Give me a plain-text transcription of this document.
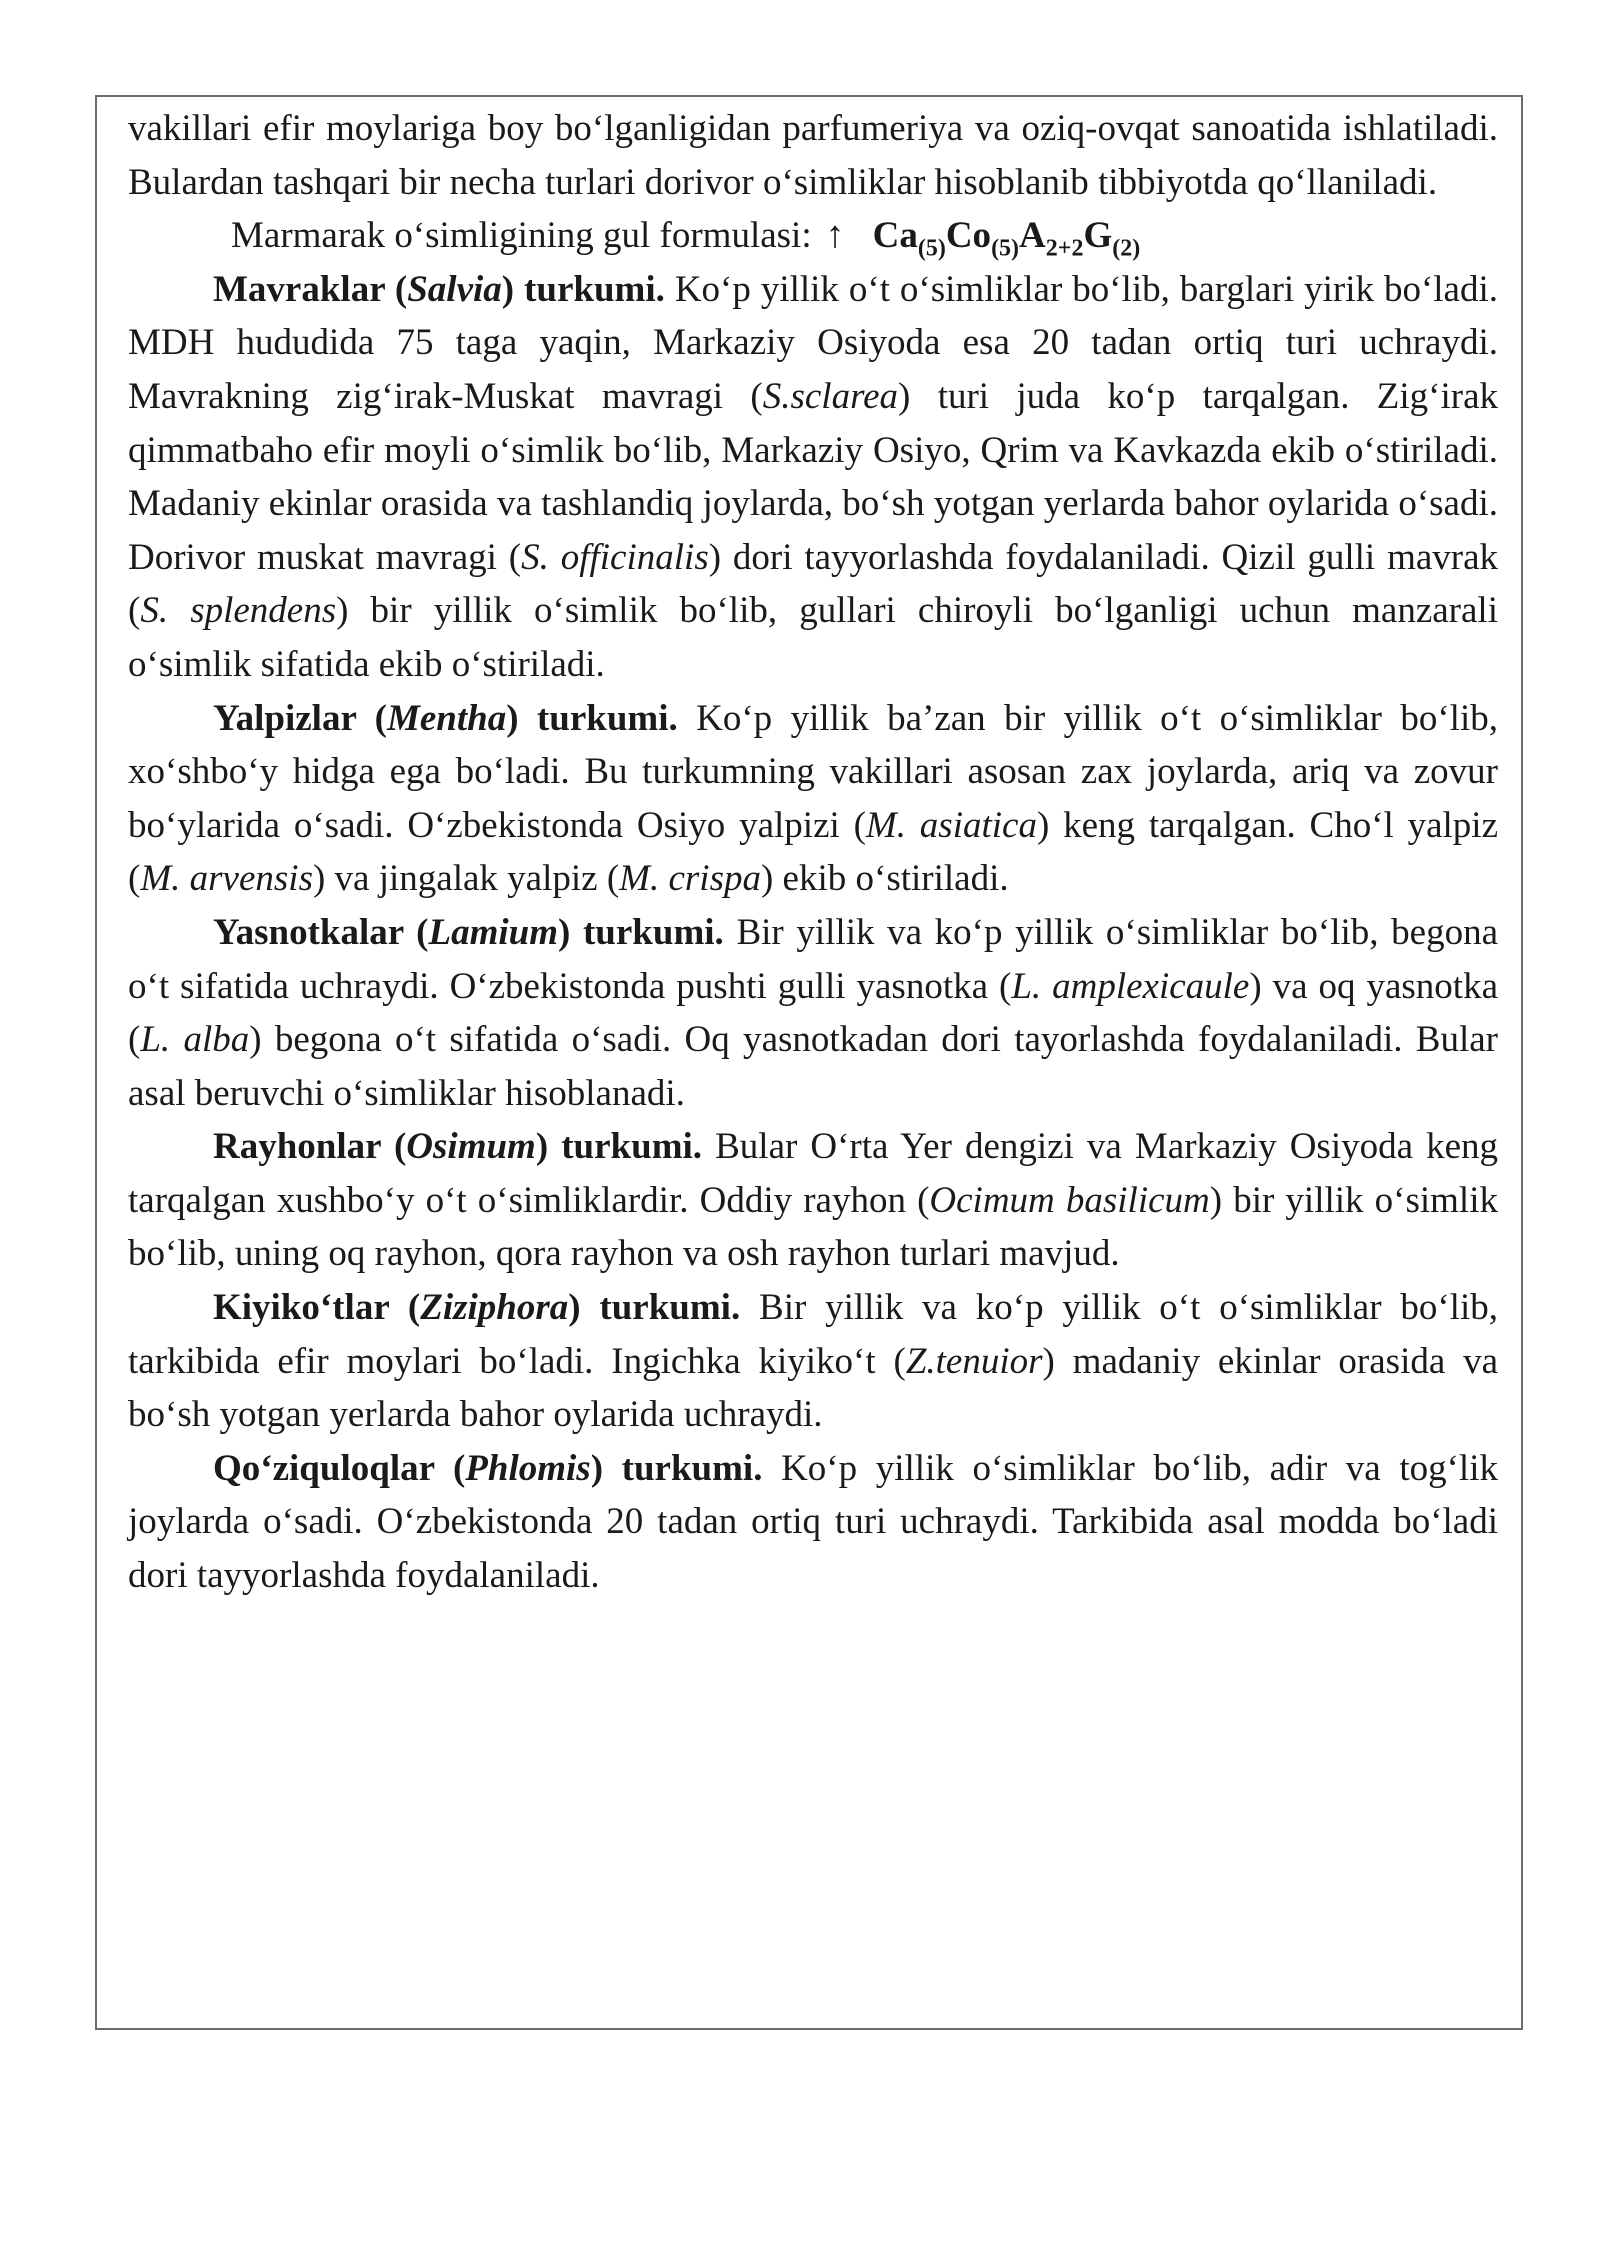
vakillari efir moylariga boy bo‘lganligidan parfumeriya va oziq-ovqat sanoatida ishlatiladi. Bulardan tashqari bir necha turlari dorivor o‘simliklar hisoblanib tibbiyotda qo‘llaniladi.

Marmarak o‘simligining gul formulasi: ↑ $Ca_{(5)}Co_{(5)}A_{2+2}G_{(2)}$

Mavraklar (Salvia) turkumi. Ko‘p yillik o‘t o‘simliklar bo‘lib, barglari yirik bo‘ladi. MDH hududida 75 taga yaqin, Markaziy Osiyoda esa 20 tadan ortiq turi uchraydi. Mavrakning zig‘irak-Muskat mavragi (S.sclarea) turi juda ko‘p tarqalgan. Zig‘irak qimmatbaho efir moyli o‘simlik bo‘lib, Markaziy Osiyo, Qrim va Kavkazda ekib o‘stiriladi. Madaniy ekinlar orasida va tashlandiq joylarda, bo‘sh yotgan yerlarda bahor oylarida o‘sadi. Dorivor muskat mavragi (S. officinalis) dori tayyorlashda foydalaniladi. Qizil gulli mavrak (S. splendens) bir yillik o‘simlik bo‘lib, gullari chiroyli bo‘lganligi uchun manzarali o‘simlik sifatida ekib o‘stiriladi.

Yalpizlar (Mentha) turkumi. Ko‘p yillik ba’zan bir yillik o‘t o‘simliklar bo‘lib, xo‘shbo‘y hidga ega bo‘ladi. Bu turkumning vakillari asosan zax joylarda, ariq va zovur bo‘ylarida o‘sadi. O‘zbekistonda Osiyo yalpizi (M. asiatica) keng tarqalgan. Cho‘l yalpiz (M. arvensis) va jingalak yalpiz (M. crispa) ekib o‘stiriladi.

Yasnotkalar (Lamium) turkumi. Bir yillik va ko‘p yillik o‘simliklar bo‘lib, begona o‘t sifatida uchraydi. O‘zbekistonda pushti gulli yasnotka (L. amplexicaule) va oq yasnotka (L. alba) begona o‘t sifatida o‘sadi. Oq yasnotkadan dori tayorlashda foydalaniladi. Bular asal beruvchi o‘simliklar hisoblanadi.

Rayhonlar (Osimum) turkumi. Bular O‘rta Yer dengizi va Markaziy Osiyoda keng tarqalgan xushbo‘y o‘t o‘simliklardir. Oddiy rayhon (Ocimum basilicum) bir yillik o‘simlik bo‘lib, uning oq rayhon, qora rayhon va osh rayhon turlari mavjud.

Kiyiko‘tlar (Ziziphora) turkumi. Bir yillik va ko‘p yillik o‘t o‘simliklar bo‘lib, tarkibida efir moylari bo‘ladi. Ingichka kiyiko‘t (Z.tenuior) madaniy ekinlar orasida va bo‘sh yotgan yerlarda bahor oylarida uchraydi.

Qo‘ziquloqlar (Phlomis) turkumi. Ko‘p yillik o‘simliklar bo‘lib, adir va tog‘lik joylarda o‘sadi. O‘zbekistonda 20 tadan ortiq turi uchraydi. Tarkibida asal modda bo‘ladi dori tayyorlashda foydalaniladi.
